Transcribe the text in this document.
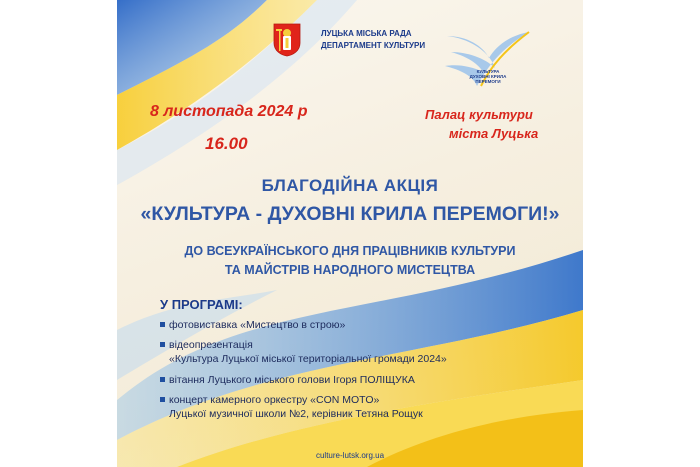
ЛУЦЬКА МІСЬКА РАДА
ДЕПАРТАМЕНТ КУЛЬТУРИ
КУЛЬТУРА
ДУХОВНІ КРИЛА
ПЕРЕМОГИ
8 листопада 2024 р
16.00
Палац культури
міста Луцька
БЛАГОДІЙНА АКЦІЯ
«КУЛЬТУРА - ДУХОВНІ КРИЛА ПЕРЕМОГИ!»
ДО ВСЕУКРАЇНСЬКОГО ДНЯ ПРАЦІВНИКІВ КУЛЬТУРИ
ТА МАЙСТРІВ НАРОДНОГО МИСТЕЦТВА
У ПРОГРАМІ:
фотовиставка «Мистецтво в строю»
відеопрезентація
«Культура Луцької міської територіальної громади 2024»
вітання Луцького міського голови Ігоря ПОЛІЩУКА
концерт камерного оркестру «CON MOTO»
Луцької музичної школи №2, керівник Тетяна Рощук
culture-lutsk.org.ua
